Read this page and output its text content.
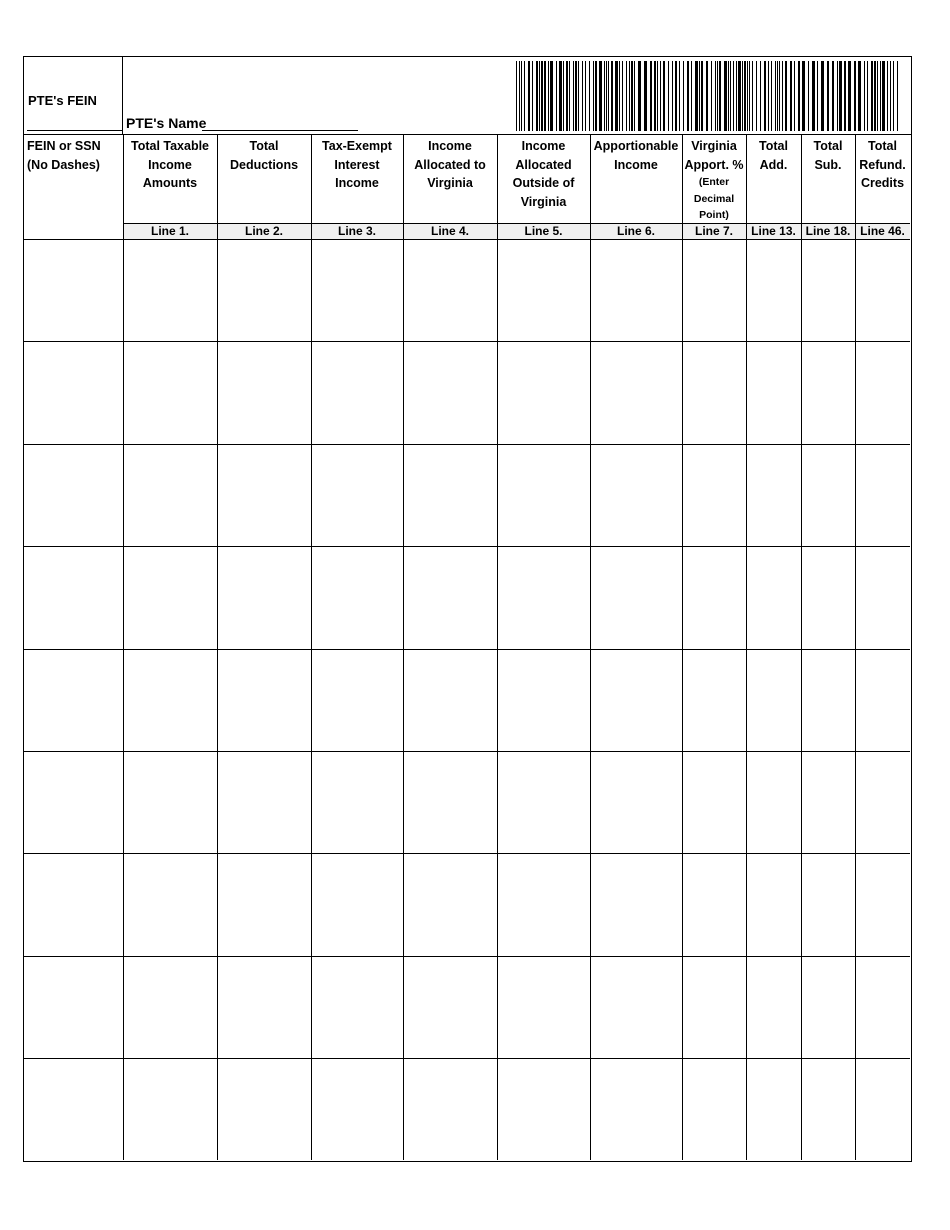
PTE's FEIN
PTE's Name
FEIN or SSN
(No Dashes)
Total Taxable
Income
Amounts
Line 1.
Total
Deductions
Line 2.
Tax-Exempt
Interest
Income
Line 3.
Income
Allocated to
Virginia
Line 4.
Income
Allocated
Outside of
Virginia
Line 5.
Apportionable
Income
Line 6.
Virginia
Apport. %
(Enter
Decimal
Point)
Line 7.
Total
Add.
Line 13.
Total
Sub.
Line 18.
Total
Refund.
Credits
Line 46.
